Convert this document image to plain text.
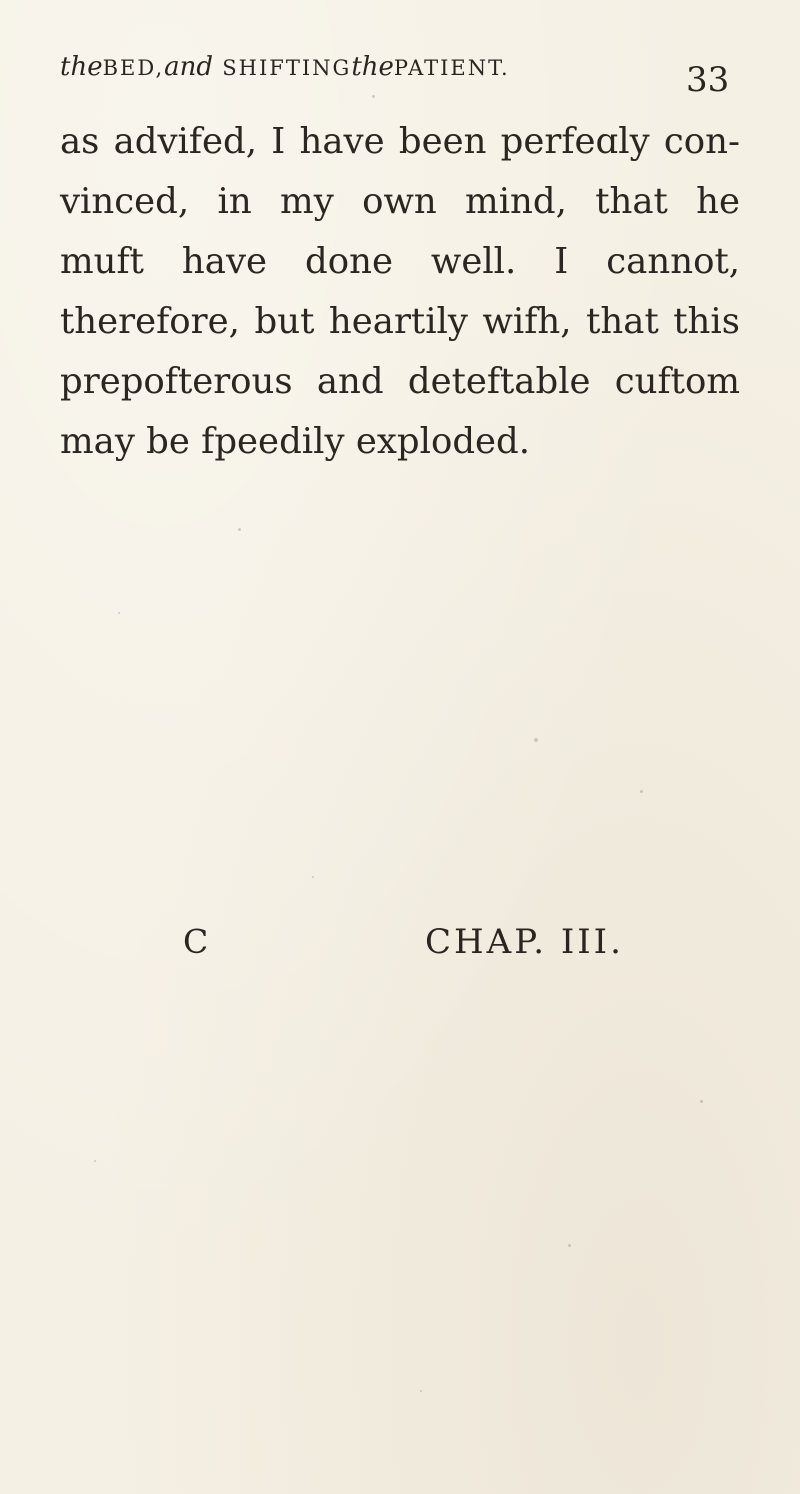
theBED,and SHIFTINGthePATIENT.	33
as advifed, I have been perfeɑly con-
vinced, in my own mind, that he
muft have done well. I cannot,
therefore, but heartily wifh, that this
prepofterous and deteftable cuftom
may be fpeedily exploded.
C	CHAP. III.
